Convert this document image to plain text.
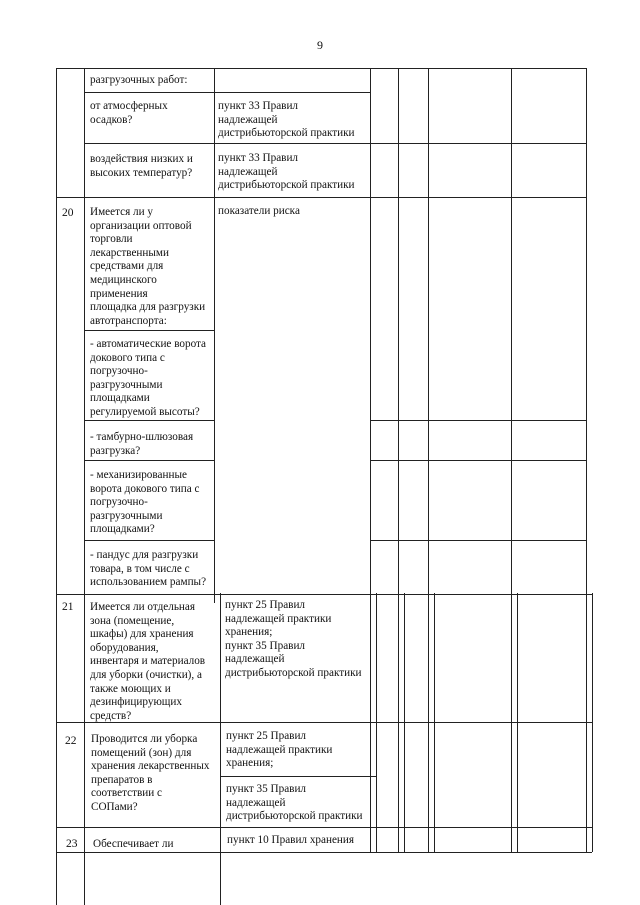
9
разгрузочных работ:
от атмосферных
осадков?
пункт 33 Правил
надлежащей
дистрибьюторской практики
воздействия низких и
высоких температур?
пункт 33 Правил
надлежащей
дистрибьюторской практики
20 Имеется ли у
организации оптовой
торговли
лекарственными
средствами для
медицинского
применения
площадка для разгрузки
автотранспорта:
показатели риска
- автоматические ворота
докового типа с
погрузочно-
разгрузочными
площадками
регулируемой высоты?
- тамбурно-шлюзовая
разгрузка?
- механизированные
ворота докового типа с
погрузочно-
разгрузочными
площадками?
- пандус для разгрузки
товара, в том числе с
использованием рампы?
21 Имеется ли отдельная
зона (помещение,
шкафы) для хранения
оборудования,
инвентаря и материалов
для уборки (очистки), а
также моющих и
дезинфицирующих
средств?
пункт 25 Правил
надлежащей практики
хранения;
пункт 35 Правил
надлежащей
дистрибьюторской практики
22 Проводится ли уборка
помещений (зон) для
хранения лекарственных
препаратов в
соответствии с
СОПами?
пункт 25 Правил
надлежащей практики
хранения;
пункт 35 Правил
надлежащей
дистрибьюторской практики
23 Обеспечивает ли	пункт 10 Правил хранения
